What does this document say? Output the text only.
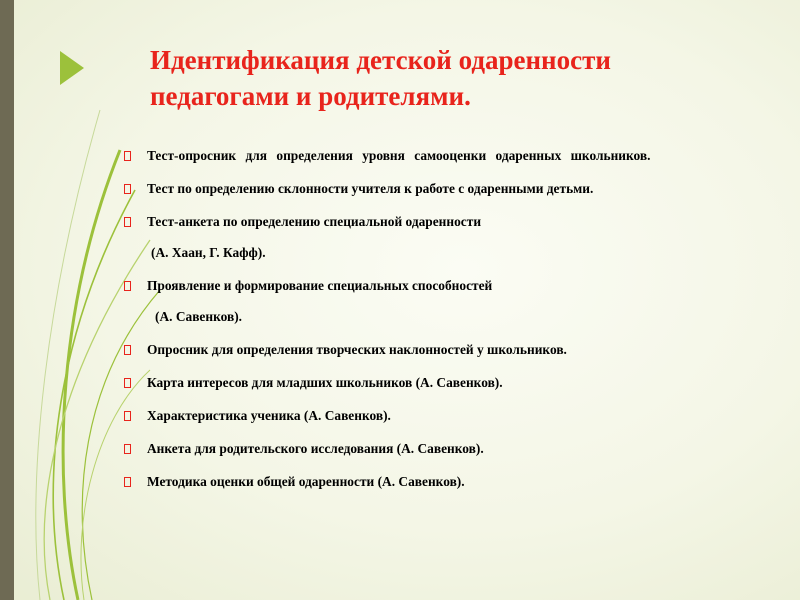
Идентификация детской одаренности
педагогами и родителями.
Тест-опросник для определения уровня самооценки одаренных школьников.
Тест по определению склонности учителя к работе с одаренными детьми.
Тест-анкета по определению специальной одаренности
(А. Хаан, Г. Кафф).
Проявление и формирование специальных способностей
(А. Савенков).
Опросник для определения творческих наклонностей у школьников.
Карта интересов для младших школьников (А. Савенков).
Характеристика ученика (А. Савенков).
Анкета для родительского исследования (А. Савенков).
Методика оценки общей одаренности (А. Савенков).
